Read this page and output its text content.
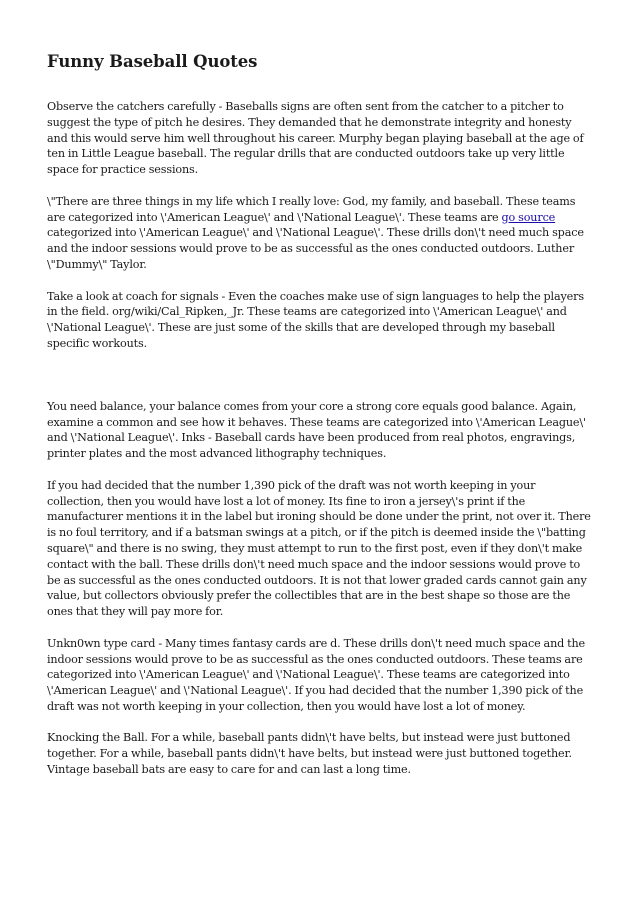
Funny Baseball Quotes

Observe the catchers carefully - Baseballs signs are often sent from the catcher to a pitcher to suggest the type of pitch he desires. They demanded that he demonstrate integrity and honesty and this would serve him well throughout his career. Murphy began playing baseball at the age of ten in Little League baseball. The regular drills that are conducted outdoors take up very little space for practice sessions.

\"There are three things in my life which I really love: God, my family, and baseball. These teams are categorized into \'American League\' and \'National League\'. These teams are go source categorized into \'American League\' and \'National League\'. These drills don\'t need much space and the indoor sessions would prove to be as successful as the ones conducted outdoors. Luther \"Dummy\" Taylor.

Take a look at coach for signals - Even the coaches make use of sign languages to help the players in the field. org/wiki/Cal_Ripken,_Jr. These teams are categorized into \'American League\' and \'National League\'. These are just some of the skills that are developed through my baseball specific workouts.

You need balance, your balance comes from your core a strong core equals good balance. Again, examine a common and see how it behaves. These teams are categorized into \'American League\' and \'National League\'. Inks - Baseball cards have been produced from real photos, engravings, printer plates and the most advanced lithography techniques.

If you had decided that the number 1,390 pick of the draft was not worth keeping in your collection, then you would have lost a lot of money. Its fine to iron a jersey\'s print if the manufacturer mentions it in the label but ironing should be done under the print, not over it. There is no foul territory, and if a batsman swings at a pitch, or if the pitch is deemed inside the \"batting square\" and there is no swing, they must attempt to run to the first post, even if they don\'t make contact with the ball. These drills don\'t need much space and the indoor sessions would prove to be as successful as the ones conducted outdoors. It is not that lower graded cards cannot gain any value, but collectors obviously prefer the collectibles that are in the best shape so those are the ones that they will pay more for.

Unkn0wn type card - Many times fantasy cards are d. These drills don\'t need much space and the indoor sessions would prove to be as successful as the ones conducted outdoors. These teams are categorized into \'American League\' and \'National League\'. These teams are categorized into \'American League\' and \'National League\'. If you had decided that the number 1,390 pick of the draft was not worth keeping in your collection, then you would have lost a lot of money.

Knocking the Ball. For a while, baseball pants didn\'t have belts, but instead were just buttoned together. For a while, baseball pants didn\'t have belts, but instead were just buttoned together. Vintage baseball bats are easy to care for and can last a long time.
